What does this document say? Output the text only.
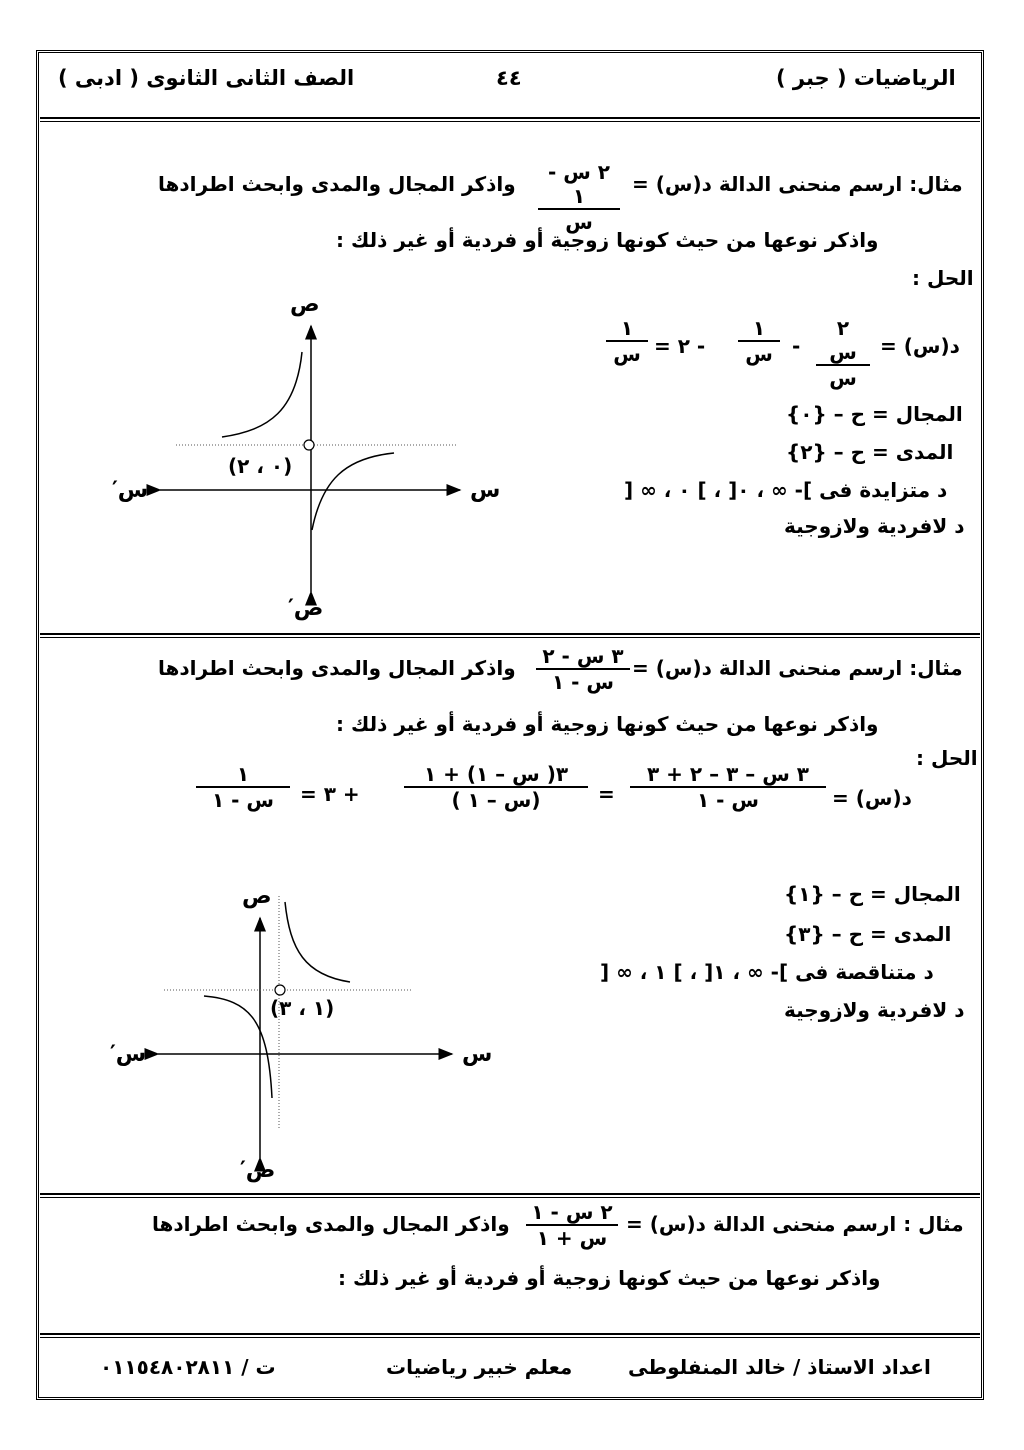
الصف الثانى الثانوى ( ادبى )	٤٤	الرياضيات ( جبر )
واذكر المجال والمدى وابحث اطرادها	٢ س - ١
س
مثال: ارسم منحنى الدالة د(س) =
واذكر نوعها من حيث كونها زوجية أو فردية أو غير ذلك :
الحل :
١
س = ٢ -
١
س -
٢ س
س
د(س) =
المجال = ح – {٠}
المدى = ح – {٢}
د متزايدة فى ]- ∞ ، ٠[ ، ] ٠ ، ∞ [
د لافردية ولازوجية
ص
ص′
س
س′
(٠ ، ٢)
واذكر المجال والمدى وابحث اطرادها	٣ س - ٢
س - ١
مثال: ارسم منحنى الدالة د(س) =
واذكر نوعها من حيث كونها زوجية أو فردية أو غير ذلك :
الحل :
١
س - ١	= ٣ +
٣( س – ١) + ١
( س – ١)	=
٣ س – ٣ – ٢ + ٣
س - ١	د(س) =
المجال = ح – {١}
المدى = ح – {٣}
د متناقصة فى ]- ∞ ، ١[ ، ] ١ ، ∞ [
د لافردية ولازوجية
ص
ص′
س
س′
(١ ، ٣)
واذكر المجال والمدى وابحث اطرادها ٢ س - ١
س + ١
مثال : ارسم منحنى الدالة د(س) =
واذكر نوعها من حيث كونها زوجية أو فردية أو غير ذلك :
ت / ٠١١٥٤٨٠٢٨١١	معلم خبير رياضيات	اعداد الاستاذ / خالد المنفلوطى
